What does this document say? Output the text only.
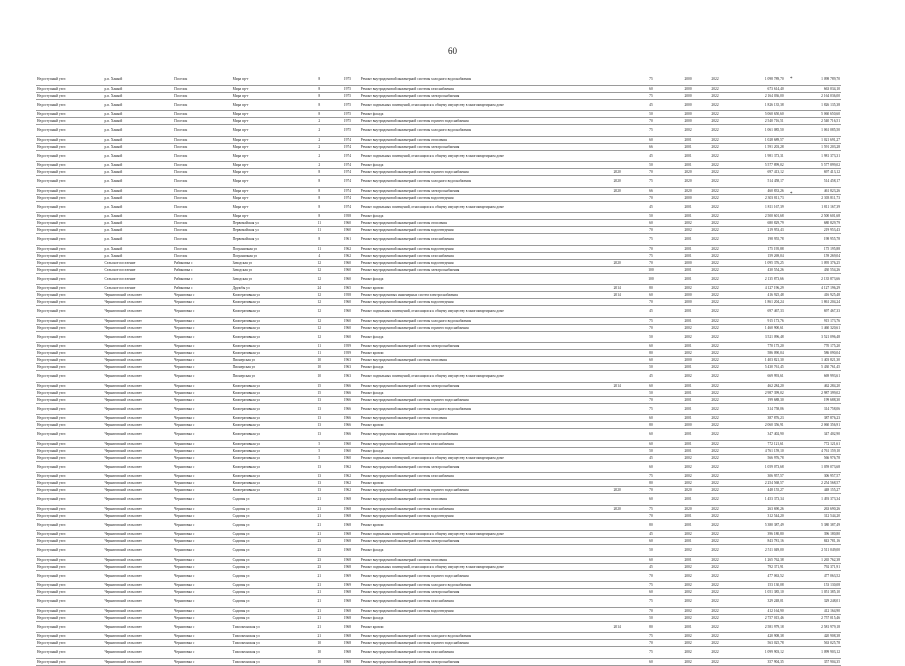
60
Недоступный узел	р.п. Ханкой	Поселок	Мира пр-т	8	1975	Ремонт внутридомовой инженерной системы холодного водоснабжения		75	2000	2022	1 098 789,70	1 098 789,70
Недоступный узел	р.п. Ханкой	Поселок	Мира пр-т	8	1975	Ремонт внутридомовой инженерной системы газоснабжения		60	2000	2022	673 614,40	663 034,10
Недоступный узел	р.п. Ханкой	Поселок	Мира пр-т	8	1975	Ремонт внутридомовой инженерной системы электроснабжения		75	2000	2022	2 164 036,00	2 164 036,00
Недоступный узел	р.п. Ханкой	Поселок	Мира пр-т	8	1975	Ремонт подвальных помещений, относящихся к общему имуществу в многоквартирном доме		45	2000	2022	1 826 135,38	1 826 135,38
Недоступный узел	р.п. Ханкой	Поселок	Мира пр-т	8	1975	Ремонт фасада		50	2000	2022	5 060 650,60	5 060 650,60
Недоступный узел	р.п. Ханкой	Поселок	Мира пр-т	2	1975	Ремонт внутридомовой инженерной системы горячего водоснабжения		70	2000	2022	2 540 716,51	2 540 716,51
Недоступный узел	р.п. Ханкой	Поселок	Мира пр-т	2	1975	Ремонт внутридомовой инженерной системы холодного водоснабжения		75	2002	2022	1 061 085,50	1 061 085,50
Недоступный узел	р.п. Ханкой	Поселок	Мира пр-т	2	1974	Ремонт внутридомовой инженерной системы отопления		60	2001	2022	1 028 689,57	1 021 691,27
Недоступный узел	р.п. Ханкой	Поселок	Мира пр-т	2	1974	Ремонт внутридомовой инженерной системы электроснабжения		66	2001	2022	1 591 203,28	1 591 203,28
Недоступный узел	р.п. Ханкой	Поселок	Мира пр-т	2	1974	Ремонт подвальных помещений, относящихся к общему имуществу в многоквартирном доме		45	2001	2022	1 981 373,31	1 981 373,31
Недоступный узел	р.п. Ханкой	Поселок	Мира пр-т	2	1974	Ремонт фасада		50	2001	2022	5 577 899,02	5 577 899,02
Недоступный узел	р.п. Ханкой	Поселок	Мира пр-т	8	1974	Ремонт внутридомовой инженерной системы горячего водоснабжения	2020	70	2020	2022	697 413,12	697 413,12
Недоступный узел	р.п. Ханкой	Поселок	Мира пр-т	8	1974	Ремонт внутридомовой инженерной системы холодного водоснабжения	2020	75	2020	2022	514 458,17	514 458,17
Недоступный узел	р.п. Ханкой	Поселок	Мира пр-т	8	1974	Ремонт внутридомовой инженерной системы электроснабжения	2020	66	2020	2022	460 833,26	461 823,26
Недоступный узел	р.п. Ханкой	Поселок	Мира пр-т	8	1974	Ремонт внутридомовой инженерной системы водоотведения		70	2000	2022	2 303 811,73	2 303 811,73
Недоступный узел	р.п. Ханкой	Поселок	Мира пр-т	8	1974	Ремонт подвальных помещений, относящихся к общему имуществу в многоквартирном доме		45	2001	2022	1 811 167,39	1 811 167,39
Недоступный узел	р.п. Ханкой	Поселок	Мира пр-т	8	1958	Ремонт фасада		50	2001	2022	2 500 601,68	2 500 601,68
Недоступный узел	р.п. Ханкой	Поселок	Первомайская ул	11	1960	Ремонт внутридомовой инженерной системы отопления		60	2002	2022	680 829,79	680 829,79
Недоступный узел	р.п. Ханкой	Поселок	Первомайская ул	11	1960	Ремонт внутридомовой инженерной системы водоотведения		70	2002	2022	219 953,43	219 953,43
Недоступный узел	р.п. Ханкой	Поселок	Первомайская ул	8	1961	Ремонт внутридомовой инженерной системы газоснабжения		75	2001	2022	198 955,78	198 955,78
Недоступный узел	р.п. Ханкой	Поселок	Пограничная ул	11	1962	Ремонт внутридомовой инженерной системы водоотведения		70	2001	2022	175 195,88	175 195,88
Недоступный узел	р.п. Ханкой	Поселок	Пограничная ул	4	1962	Ремонт внутридомовой инженерной системы газоснабжения		75	2001	2022	159 269,04	159 269,04
Недоступный узел	Сельское поселение	Рябиновка с	Заводская ул	12	1960	Ремонт внутридомовой инженерной системы водоотведения	2020	70	2000	2022	1 095 376,25	1 095 376,25
Недоступный узел	Сельское поселение	Рябиновка с	Заводская ул	12	1960	Ремонт внутридомовой инженерной системы электроснабжения		100	2001	2022	430 554,26	430 554,26
Недоступный узел	Сельское поселение	Рябиновка с	Заводская ул	12	1960	Ремонт фасада		100	2001	2022	2 135 873,66	2 135 873,66
Недоступный узел	Сельское поселение	Рябиновка с	Дружбы ул	24	1965	Ремонт кровли	2014	80	2002	2022	4 127 196,29	4 127 196,29
Недоступный узел	Черниговский сельсовет	Черниговка с	Кооперативная ул	12	1958	Ремонт внутридомовых инженерных систем электроснабжения	2014	60	2000	2022	416 925,48	416 925,48
Недоступный узел	Черниговский сельсовет	Черниговка с	Кооперативная ул	12	1960	Ремонт внутридомовой инженерной системы водоотведения		70	2000	2022	1 861 204,24	1 861 204,24
Недоступный узел	Черниговский сельсовет	Черниговка с	Кооперативная ул	12	1960	Ремонт подвальных помещений, относящихся к общему имуществу в многоквартирном доме		45	2001	2022	697 467,33	697 467,33
Недоступный узел	Черниговский сельсовет	Черниговка с	Кооперативная ул	12	1960	Ремонт внутридомовой инженерной системы холодного водоснабжения		75	2001	2022	915 173,76	915 173,76
Недоступный узел	Черниговский сельсовет	Черниговка с	Кооперативная ул	12	1960	Ремонт внутридомовой инженерной системы горячего водоснабжения		70	2002	2022	1 460 900,61	1 460 320,61
Недоступный узел	Черниговский сельсовет	Черниговка с	Кооперативная ул	12	1960	Ремонт фасада		50	2002	2022	3 521 096,48	3 521 096,48
Недоступный узел	Черниговский сельсовет	Черниговка с	Кооперативная ул	11	1959	Ремонт внутридомовой инженерной системы электроснабжения		60	2001	2022	770 175,20	770 175,20
Недоступный узел	Черниговский сельсовет	Черниговка с	Кооперативная ул	11	1959	Ремонт кровли		80	2002	2022	586 090,04	586 090,04
Недоступный узел	Черниговский сельсовет	Черниговка с	Пионерская ул	10	1963	Ремонт внутридомовой инженерной системы отопления		60	2000	2022	1 403 821,30	1 403 821,30
Недоступный узел	Черниговский сельсовет	Черниговка с	Пионерская ул	10	1963	Ремонт фасада		50	2001	2022	5 430 761,45	5 430 761,45
Недоступный узел	Черниговский сельсовет	Черниговка с	Пионерская ул	10	1963	Ремонт подвальных помещений, относящихся к общему имуществу в многоквартирном доме		45	2002	2022	669 993,61	669 993,61
Недоступный узел	Черниговский сельсовет	Черниговка с	Кооперативная ул	15	1966	Ремонт внутридомовой инженерной системы электроснабжения	2014	60	2001	2022	462 284,20	462 284,20
Недоступный узел	Черниговский сельсовет	Черниговка с	Кооперативная ул	15	1966	Ремонт фасада		50	2001	2022	2 987 399,02	2 987 399,02
Недоступный узел	Черниговский сельсовет	Черниговка с	Кооперативная ул	13	1966	Ремонт внутридомовой инженерной системы горячего водоснабжения		70	2001	2022	199 688,30	199 688,30
Недоступный узел	Черниговский сельсовет	Черниговка с	Кооперативная ул	13	1966	Ремонт внутридомовой инженерной системы холодного водоснабжения		75	2001	2022	314 758,06	314 758,06
Недоступный узел	Черниговский сельсовет	Черниговка с	Кооперативная ул	13	1966	Ремонт внутридомовой инженерной системы отопления		60	2001	2022	387 876,23	387 876,23
Недоступный узел	Черниговский сельсовет	Черниговка с	Кооперативная ул	13	1966	Ремонт кровли		80	2000	2022	2 060 356,91	2 060 356,91
Недоступный узел	Черниговский сельсовет	Черниговка с	Кооперативная ул	13	1966	Ремонт внутридомовых инженерных систем электроснабжения		60	2001	2022	347 402,90	347 402,90
Недоступный узел	Черниговский сельсовет	Черниговка с	Кооперативная ул	5	1960	Ремонт внутридомовой инженерной системы газоснабжения		60	2001	2022	772 121,61	772 121,61
Недоступный узел	Черниговский сельсовет	Черниговка с	Кооперативная ул	5	1960	Ремонт фасада		50	2001	2022	4 761 159,10	4 761 159,10
Недоступный узел	Черниговский сельсовет	Черниговка с	Кооперативная ул	5	1960	Ремонт подвальных помещений, относящихся к общему имуществу в многоквартирном доме		45	2002	2022	566 976,78	566 976,78
Недоступный узел	Черниговский сельсовет	Черниговка с	Кооперативная ул	13	1962	Ремонт внутридомовой инженерной системы электроснабжения		60	2002	2022	1 059 073,68	1 059 073,68
Недоступный узел	Черниговский сельсовет	Черниговка с	Кооперативная ул	13	1962	Ремонт внутридомовой инженерной системы газоснабжения		75	2002	2022	306 957,57	306 957,57
Недоступный узел	Черниговский сельсовет	Черниговка с	Кооперативная ул	13	1962	Ремонт кровли		80	2002	2022	2 254 568,57	2 254 568,57
Недоступный узел	Черниговский сельсовет	Черниговка с	Кооперативная ул	13	1962	Ремонт внутридомовой инженерной системы горячего водоснабжения	2020	70	2020	2022	448 155,27	448 155,27
Недоступный узел	Черниговский сельсовет	Черниговка с	Садовая ул	21	1968	Ремонт внутридомовой инженерной системы отопления		60	2001	2022	1 453 373,34	1 493 373,34
Недоступный узел	Черниговский сельсовет	Черниговка с	Садовая ул	21	1968	Ремонт внутридомовой инженерной системы газоснабжения	2020	75	2020	2022	263 690,26	263 690,26
Недоступный узел	Черниговский сельсовет	Черниговка с	Садовая ул	21	1968	Ремонт внутридомовой инженерной системы водоотведения		70	2001	2022	312 544,20	312 544,20
Недоступный узел	Черниговский сельсовет	Черниговка с	Садовая ул	21	1968	Ремонт кровли		80	2001	2022	5 380 387,49	5 380 387,49
Недоступный узел	Черниговский сельсовет	Черниговка с	Садовая ул	21	1968	Ремонт подвальных помещений, относящихся к общему имуществу в многоквартирном доме		45	2002	2022	396 180,80	396 180,80
Недоступный узел	Черниговский сельсовет	Черниговка с	Садовая ул	23	1968	Ремонт внутридомовой инженерной системы электроснабжения		60	2001	2022	843 781,16	843 781,16
Недоступный узел	Черниговский сельсовет	Черниговка с	Садовая ул	23	1968	Ремонт фасада		50	2002	2022	2 511 049,00	2 511 049,00
Недоступный узел	Черниговский сельсовет	Черниговка с	Садовая ул	23	1968	Ремонт внутридомовой инженерной системы отопления		60	2001	2022	1 265 762,38	1 265 762,38
Недоступный узел	Черниговский сельсовет	Черниговка с	Садовая ул	23	1968	Ремонт подвальных помещений, относящихся к общему имуществу в многоквартирном доме		45	2002	2022	792 371,91	792 371,91
Недоступный узел	Черниговский сельсовет	Черниговка с	Садовая ул	21	1969	Ремонт внутридомовой инженерной системы горячего водоснабжения		70	2002	2022	477 063,52	477 063,52
Недоступный узел	Черниговский сельсовет	Черниговка с	Садовая ул	21	1969	Ремонт внутридомовой инженерной системы холодного водоснабжения		75	2002	2022	153 130,08	153 130,08
Недоступный узел	Черниговский сельсовет	Черниговка с	Садовая ул	21	1968	Ремонт внутридомовой инженерной системы электроснабжения		60	2002	2022	1 051 385,10	1 051 385,10
Недоступный узел	Черниговский сельсовет	Черниговка с	Садовая ул	21	1968	Ремонт внутридомовой инженерной системы газоснабжения		75	2002	2022	329 248,01	329 248,01
Недоступный узел	Черниговский сельсовет	Черниговка с	Садовая ул	21	1968	Ремонт внутридомовой инженерной системы водоотведения		70	2002	2022	412 164,90	412 164,90
Недоступный узел	Черниговский сельсовет	Черниговка с	Садовая ул	21	1968	Ремонт фасада		50	2002	2022	2 757 015,46	2 757 015,46
Недоступный узел	Черниговский сельсовет	Черниговка с	Тихоокеанская ул	21	1968	Ремонт кровли	2014	80	2001	2022	2 581 979,18	2 581 979,18
Недоступный узел	Черниговский сельсовет	Черниговка с	Тихоокеанская ул	21	1968	Ремонт внутридомовой инженерной системы холодного водоснабжения		75	2002	2022	420 908,38	420 908,38
Недоступный узел	Черниговский сельсовет	Черниговка с	Тихоокеанская ул	10	1968	Ремонт внутридомовой инженерной системы горячего водоснабжения		70	2002	2022	563 025,78	563 025,78
Недоступный узел	Черниговский сельсовет	Черниговка с	Тихоокеанская ул	10	1968	Ремонт внутридомовой инженерной системы газоснабжения		75	2002	2022	1 099 903,12	1 099 903,12
Недоступный узел	Черниговский сельсовет	Черниговка с	Тихоокеанская ул	10	1968	Ремонт внутридомовой инженерной системы электроснабжения		60	2002	2022	357 904,35	357 904,35
*
*
